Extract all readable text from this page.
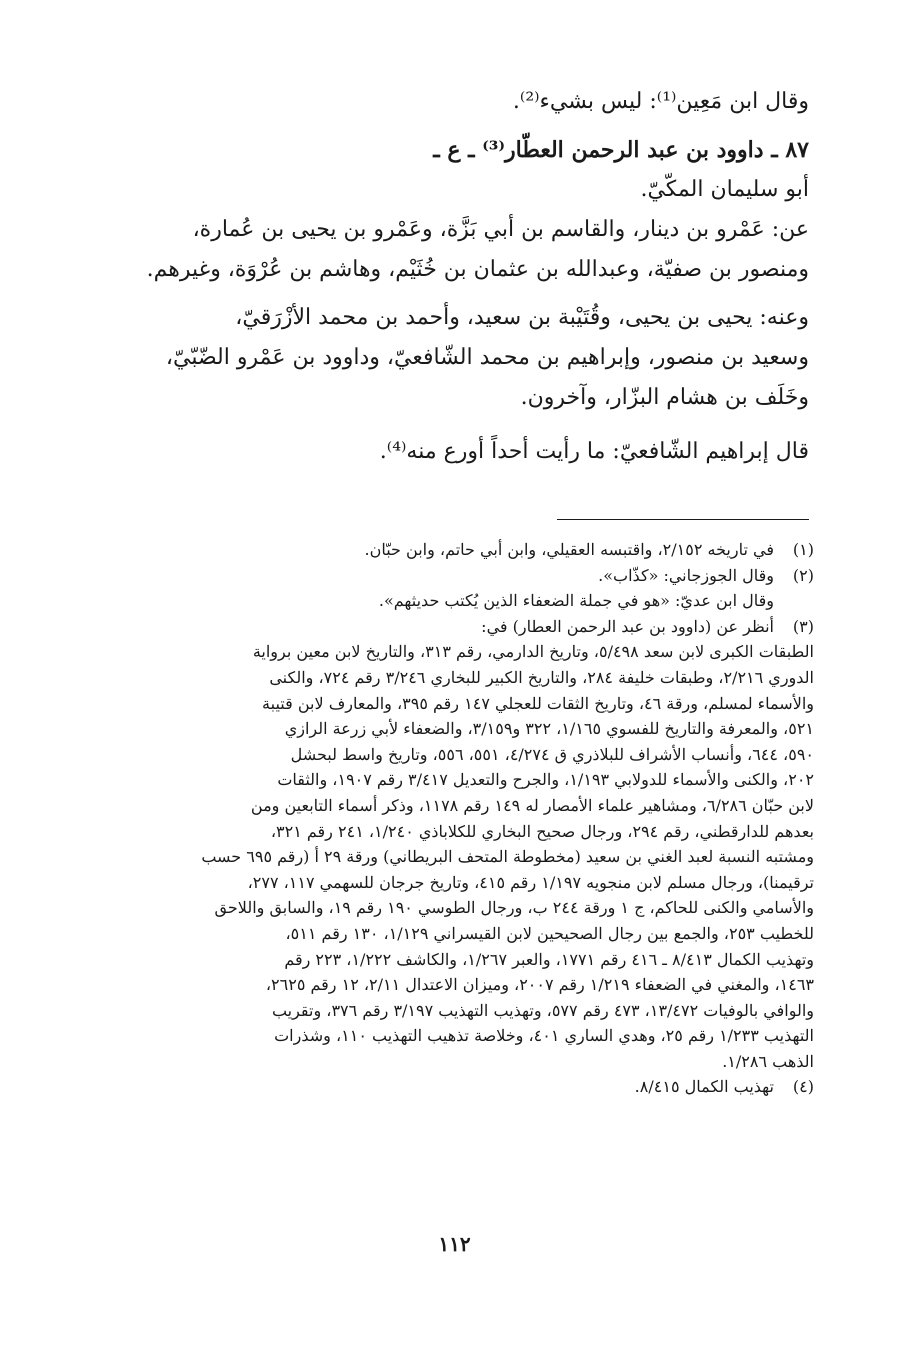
وقال ابن مَعِين⁽¹⁾: ليس بشيء⁽²⁾.
٨٧ ـ داوود بن عبد الرحمن العطّار⁽³⁾ ـ ع ـ
أبو سليمان المكّيّ.
عن: عَمْرو بن دينار، والقاسم بن أبي بَزَّة، وعَمْرو بن يحيى بن عُمارة،
ومنصور بن صفيّة، وعبدالله بن عثمان بن خُثَيْم، وهاشم بن عُرْوَة، وغيرهم.
وعنه: يحيى بن يحيى، وقُتَيْبة بن سعيد، وأحمد بن محمد الأزْرَقيّ،
وسعيد بن منصور، وإبراهيم بن محمد الشّافعيّ، وداوود بن عَمْرو الضّبّيّ،
وخَلَف بن هشام البزّار، وآخرون.
قال إبراهيم الشّافعيّ: ما رأيت أحداً أورع منه⁽⁴⁾.
(١)في تاريخه ٢/١٥٢، واقتبسه العقيلي، وابن أبي حاتم، وابن حبّان.
(٢)وقال الجوزجاني: «كذّاب».
وقال ابن عديّ: «هو في جملة الضعفاء الذين يُكتب حديثهم».
(٣)أنظر عن (داوود بن عبد الرحمن العطار) في:
الطبقات الكبرى لابن سعد ٥/٤٩٨، وتاريخ الدارمي، رقم ٣١٣، والتاريخ لابن معين برواية
الدوري ٢/٢١٦، وطبقات خليفة ٢٨٤، والتاريخ الكبير للبخاري ٣/٢٤٦ رقم ٧٢٤، والكنى
والأسماء لمسلم، ورقة ٤٦، وتاريخ الثقات للعجلي ١٤٧ رقم ٣٩٥، والمعارف لابن قتيبة
٥٢١، والمعرفة والتاريخ للفسوي ١/١٦٥، ٣٢٢ و٣/١٥٩، والضعفاء لأبي زرعة الرازي
٥٩٠، ٦٤٤، وأنساب الأشراف للبلاذري ق ٤/٢٧٤، ٥٥١، ٥٥٦، وتاريخ واسط لبحشل
٢٠٢، والكنى والأسماء للدولابي ١/١٩٣، والجرح والتعديل ٣/٤١٧ رقم ١٩٠٧، والثقات
لابن حبّان ٦/٢٨٦، ومشاهير علماء الأمصار له ١٤٩ رقم ١١٧٨، وذكر أسماء التابعين ومن
بعدهم للدارقطني، رقم ٢٩٤، ورجال صحيح البخاري للكلاباذي ١/٢٤٠، ٢٤١ رقم ٣٢١،
ومشتبه النسبة لعبد الغني بن سعيد (مخطوطة المتحف البريطاني) ورقة ٢٩ أ (رقم ٦٩٥ حسب
ترقيمنا)، ورجال مسلم لابن منجويه ١/١٩٧ رقم ٤١٥، وتاريخ جرجان للسهمي ١١٧، ٢٧٧،
والأسامي والكنى للحاكم، ج ١ ورقة ٢٤٤ ب، ورجال الطوسي ١٩٠ رقم ١٩، والسابق واللاحق
للخطيب ٢٥٣، والجمع بين رجال الصحيحين لابن القيسراني ١/١٢٩، ١٣٠ رقم ٥١١،
وتهذيب الكمال ٨/٤١٣ ـ ٤١٦ رقم ١٧٧١، والعبر ١/٢٦٧، والكاشف ١/٢٢٢، ٢٢٣ رقم
١٤٦٣، والمغني في الضعفاء ١/٢١٩ رقم ٢٠٠٧، وميزان الاعتدال ٢/١١، ١٢ رقم ٢٦٢٥،
والوافي بالوفيات ١٣/٤٧٢، ٤٧٣ رقم ٥٧٧، وتهذيب التهذيب ٣/١٩٧ رقم ٣٧٦، وتقريب
التهذيب ١/٢٣٣ رقم ٢٥، وهدي الساري ٤٠١، وخلاصة تذهيب التهذيب ١١٠، وشذرات
الذهب ١/٢٨٦.
(٤)تهذيب الكمال ٨/٤١٥.
١١٢
